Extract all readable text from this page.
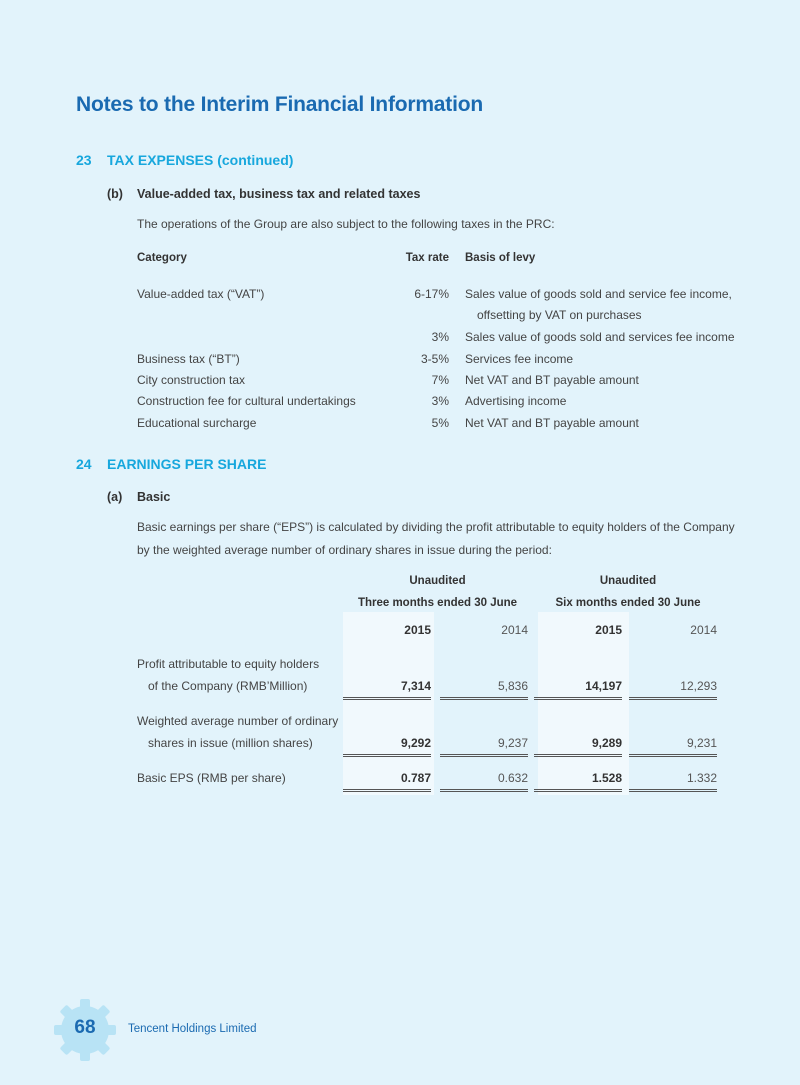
Notes to the Interim Financial Information
23 TAX EXPENSES (continued)
(b) Value-added tax, business tax and related taxes
The operations of the Group are also subject to the following taxes in the PRC:
Category	Tax rate Basis of levy
Value-added tax (“VAT”)	6-17% Sales value of goods sold and service fee income,
offsetting by VAT on purchases
3% Sales value of goods sold and services fee income
Business tax (“BT”)	3-5% Services fee income
City construction tax	7% Net VAT and BT payable amount
Construction fee for cultural undertakings	3% Advertising income
Educational surcharge	5% Net VAT and BT payable amount
24 EARNINGS PER SHARE
(a) Basic
Basic earnings per share (“EPS”) is calculated by dividing the profit attributable to equity holders of the Company
by the weighted average number of ordinary shares in issue during the period:
Unaudited
Three months ended 30 June
Unaudited
Six months ended 30 June
2015	2014	2015	2014
Profit attributable to equity holders
of the Company (RMB’Million)	7,314	5,836	14,197	12,293
Weighted average number of ordinary
shares in issue (million shares)	9,292	9,237	9,289	9,231
Basic EPS (RMB per share)	0.787	0.632	1.528	1.332
68	Tencent Holdings Limited
